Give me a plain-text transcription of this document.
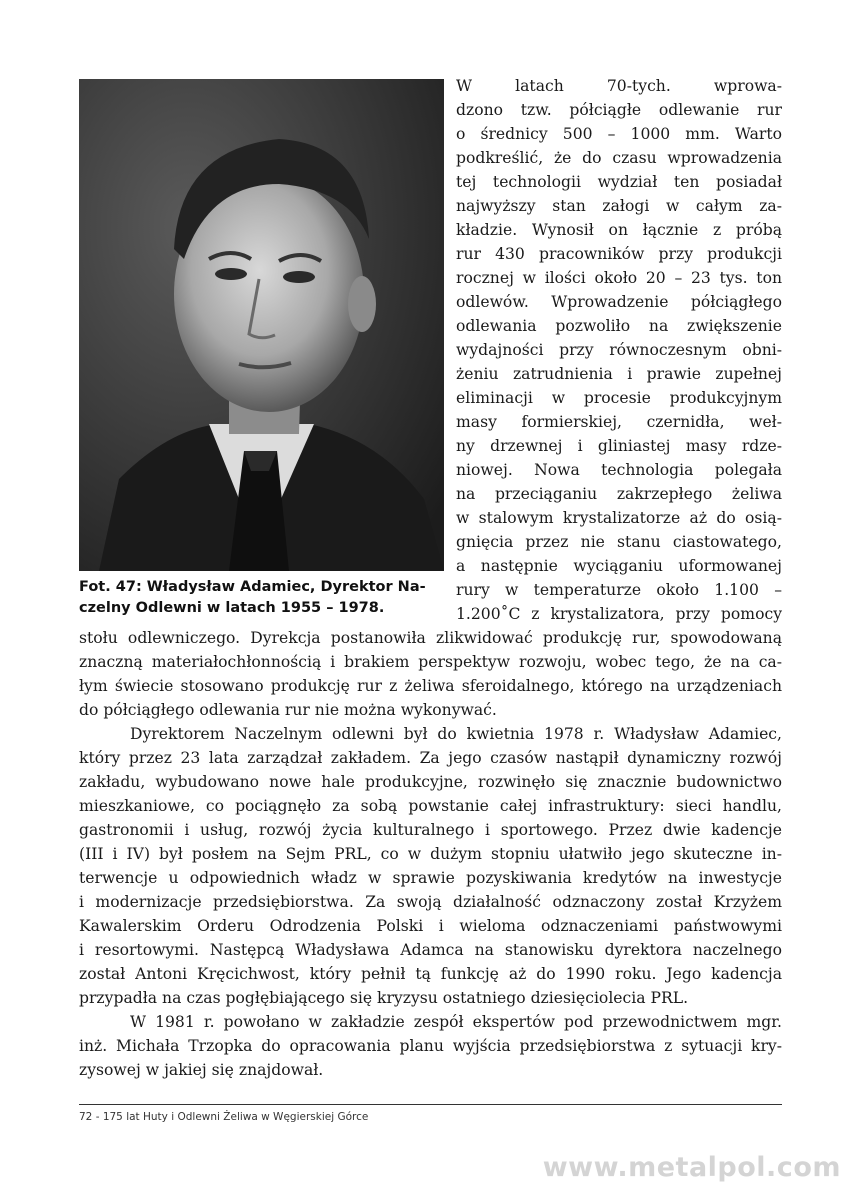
Fot. 47: Władysław Adamiec, Dyrektor Na-

czelny Odlewni w latach 1955 – 1978.

W latach 70-tych. wprowa-
dzono tzw. półciągłe odlewanie rur
o średnicy 500 – 1000 mm. Warto
podkreślić, że do czasu wprowadzenia
tej technologii wydział ten posiadał
najwyższy stan załogi w całym za-
kładzie. Wynosił on łącznie z próbą
rur 430 pracowników przy produkcji
rocznej w ilości około 20 – 23 tys. ton
odlewów. Wprowadzenie półciągłego
odlewania pozwoliło na zwiększenie
wydajności przy równoczesnym obni-
żeniu zatrudnienia i prawie zupełnej
eliminacji w procesie produkcyjnym
masy formierskiej, czernidła, weł-
ny drzewnej i gliniastej masy rdze-
niowej. Nowa technologia polegała
na przeciąganiu zakrzepłego żeliwa
w stalowym krystalizatorze aż do osią-
gnięcia przez nie stanu ciastowatego,
a następnie wyciąganiu uformowanej
rury w temperaturze około 1.100 –
1.200˚C z krystalizatora, przy pomocy
stołu odlewniczego. Dyrekcja postanowiła zlikwidować produkcję rur, spowodowaną
znaczną materiałochłonnością i brakiem perspektyw rozwoju, wobec tego, że na ca-
łym świecie stosowano produkcję rur z żeliwa sferoidalnego, którego na urządzeniach
do półciągłego odlewania rur nie można wykonywać.
Dyrektorem Naczelnym odlewni był do kwietnia 1978 r. Władysław Adamiec,
który przez 23 lata zarządzał zakładem. Za jego czasów nastąpił dynamiczny rozwój
zakładu, wybudowano nowe hale produkcyjne, rozwinęło się znacznie budownictwo
mieszkaniowe, co pociągnęło za sobą powstanie całej infrastruktury: sieci handlu,
gastronomii i usług, rozwój życia kulturalnego i sportowego. Przez dwie kadencje
(III i IV) był posłem na Sejm PRL, co w dużym stopniu ułatwiło jego skuteczne in-
terwencje u odpowiednich władz w sprawie pozyskiwania kredytów na inwestycje
i modernizacje przedsiębiorstwa. Za swoją działalność odznaczony został Krzyżem
Kawalerskim Orderu Odrodzenia Polski i wieloma odznaczeniami państwowymi
i resortowymi. Następcą Władysława Adamca na stanowisku dyrektora naczelnego
został Antoni Kręcichwost, który pełnił tą funkcję aż do 1990 roku. Jego kadencja
przypadła na czas pogłębiającego się kryzysu ostatniego dziesięciolecia PRL.
W 1981 r. powołano w zakładzie zespół ekspertów pod przewodnictwem mgr.
inż. Michała Trzopka do opracowania planu wyjścia przedsiębiorstwa z sytuacji kry-
zysowej w jakiej się znajdował.
72 - 175 lat Huty i Odlewni Żeliwa w Węgierskiej Górce
www.metalpol.com
